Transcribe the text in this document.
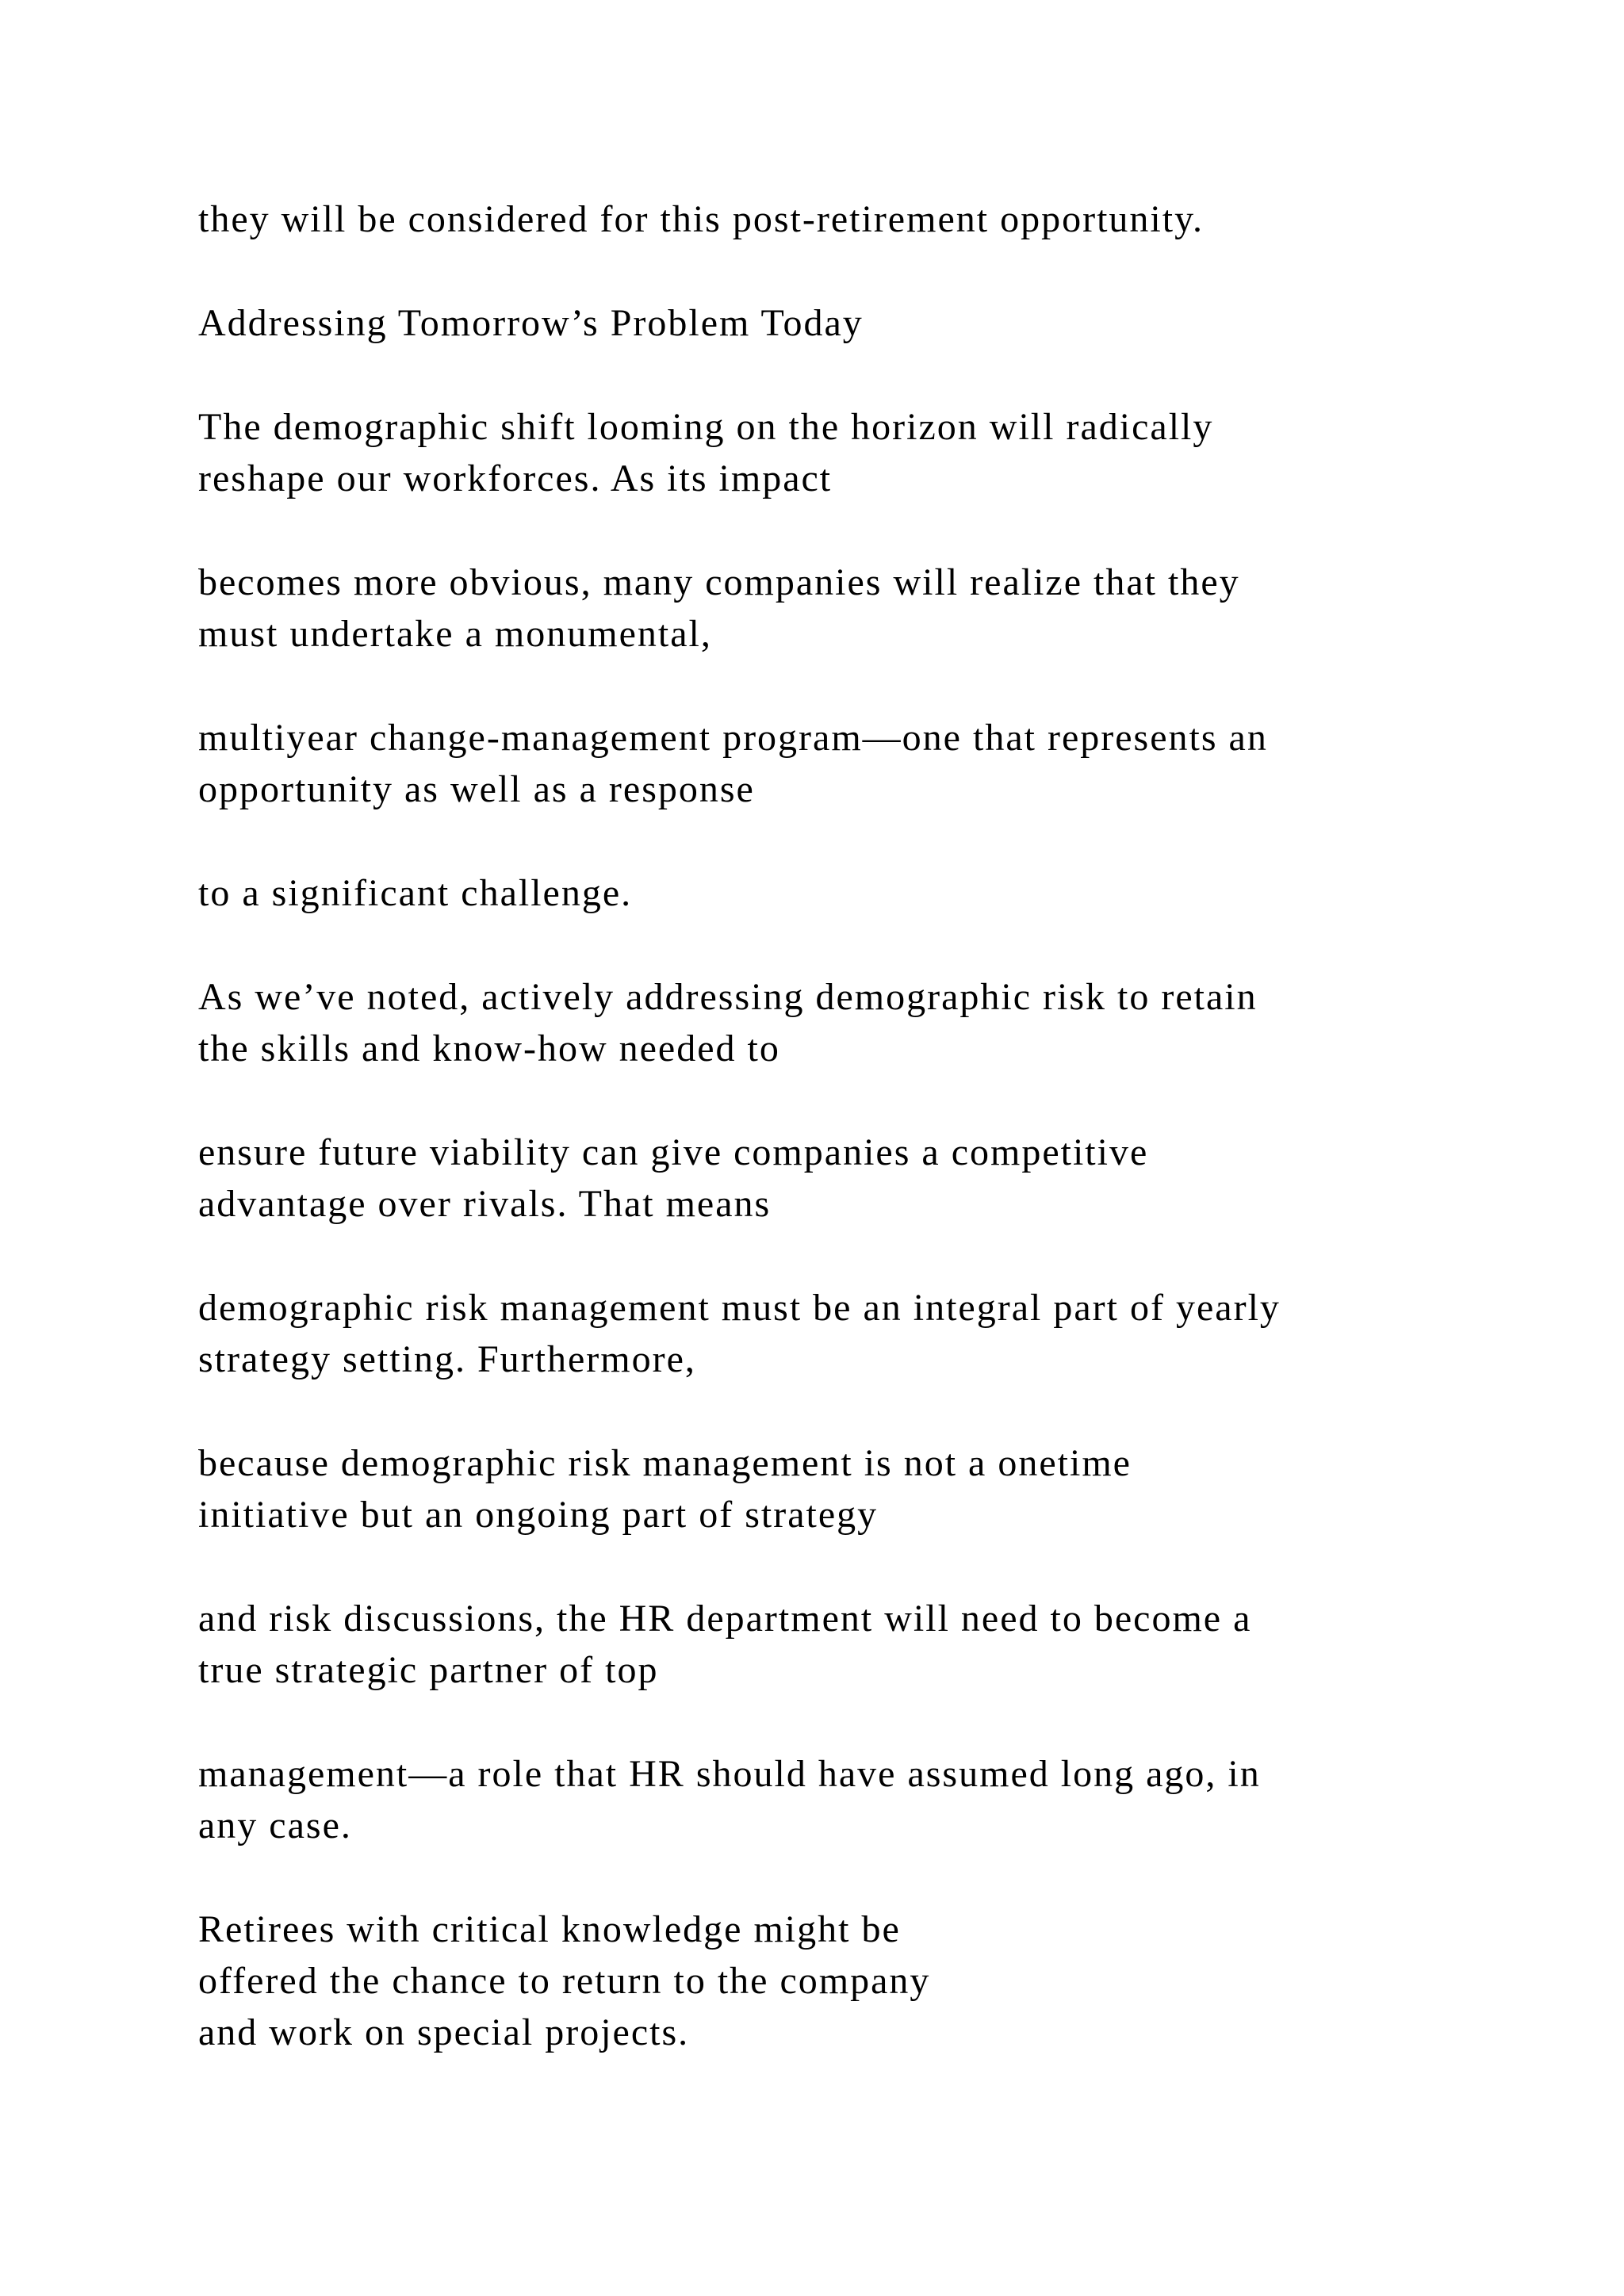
they will be considered for this post-retirement opportunity.

Addressing Tomorrow’s Problem Today

The demographic shift looming on the horizon will radically
reshape our workforces. As its impact

becomes more obvious, many companies will realize that they
must undertake a monumental,

multiyear change-management program—one that represents an
opportunity as well as a response

to a significant challenge.

As we’ve noted, actively addressing demographic risk to retain
the skills and know-how needed to

ensure future viability can give companies a competitive
advantage over rivals. That means

demographic risk management must be an integral part of yearly
strategy setting. Furthermore,

because demographic risk management is not a onetime
initiative but an ongoing part of strategy

and risk discussions, the HR department will need to become a
true strategic partner of top

management—a role that HR should have assumed long ago, in
any case.

Retirees with critical knowledge might be
offered the chance to return to the company
and work on special projects.
